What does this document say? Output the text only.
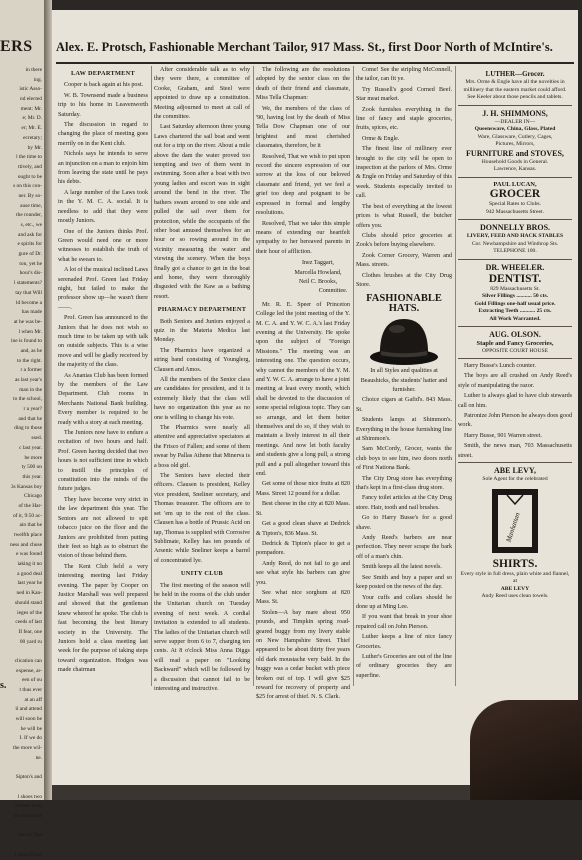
ERS
in there
ing.
istic Asso-
nd elected
ment: Mr.
e; Mr. D.
er; Mr. E.
ecretary;
by Mr.
l the time to
ttively, and
ought to be
s on this con-
ner. By so-
ause time,
the rounder,
s, etc., we
and ask for
e spirits for
gure of Dr.
ton, yet he
hour's dis-
l statements?
tay that Will
ld become a
has made
at he was be-
l when Mr.
ine is found to
and, as he
to the right.
r a former
as last year's
man in the
to the school,
r a year?
and that he
ding to those
ssed.
c last year.
be more
ty 500 on
this year.
3s Kansas boy
Chicago
of the Har-
of it, 9:50 ac-
ain that he
twelfth place
ness and chose
e was found
iaking it no
a good deal
last year he
ned in Kan-
should stand
ieges of the
ceeds of last
II fear, one
00 yard ru
clication can
expense, ar-
een of ou
t thus ever
at an aff
il and attend
will soon be
he will be
I. If we do
the more wil-
ne.
Sipton's and
l shoes two
slauses Zorn
on wholesale
one on fine
l shoes fixed
s.
Alex. E. Protsch, Fashionable Merchant Tailor, 917 Mass. St., first Door North of McIntire's.
LAW DEPARTMENT

Cooper is back again at his post.

W. B. Townsend made a business trip to his home in Leavenworth Saturday.

The discussion in regard to changing the place of meeting goes merrily on in the Kent club.

Nichols says he intends to serve an injunction on a man to enjoin him from leaving the state until he pays his debts.

A large number of the Laws took in the Y. M. C. A. social. It is needless to add that they were mostly Juniors.

One of the Juniors thinks Prof. Green would need one or more witnesses to establish the truth of what he swears to.

A lot of the musical inclined Laws serenaded Prof. Green last Friday night, but failed to make the professor show up—he wasn't there——.

Prof. Green has announced to the Juniors that he does not wish so much time to be taken up with talk on outside subjects. This is a wise move and will be gladly received by the majority of the class.

As Ananias Club has been formed by the members of the Law Department. Club rooms in Merchants National Bank building. Every member is required to be ready with a story at each meeting.

The Juniors now have to endure a recitation of two hours and half. Prof. Green having decided that two hours is not sufficient time in which to instill the principles of constitution into the minds of the future judges.

They have become very strict in the law department this year. The Seniors are not allowed to spit tobacco juice on the floor and the Juniors are prohibited from putting their feet so high as to obstruct the vision of those behind them.

The Kent Club held a very interesting meeting last Friday evening. The paper by Cooper on Justice Marshall was well prepared and showed that the gentleman knew whereof he spoke. The club is fast becoming the best literary society in the University. The Juniors hold a class meeting last week for the purpose of taking steps toward organization. Hodges was made chairman

After considerable talk as to why they were there, a committee of Cooke, Graham, and Steel were appointed to draw up a constitution. Meeting adjourned to meet at call of the committee.

Last Saturday afternoon three young Laws chartered the sail boat and went out for a trip on the river. About a mile above the dam the water proved too tempting and two of them went in swimming. Soon after a boat with two young ladies and escort was in sight around the bend in the river. The bathers swam around to one side and pulled the sail over them for protection, while the occupants of the other boat amused themselves for an hour or so rowing around in the vicinity measuring the water and viewing the scenery. When the boys finally got a chance to get in the boat and home, they were thoroughly disgusted with the Kaw as a bathing resort.

PHARMACY DEPARTMENT

Both Seniors and Juniors enjoyed a quiz in the Materia Medica last Monday.

The Pharmics have organized a string band consisting of Younglerg, Clausen and Amos.

All the members of the Senior class are candidates for president, and it is extremely likely that the class will have no organization this year as no one is willing to change his vote.

The Pharmics were nearly all attentive and appreciative spectators at the Frisco of Fallen; and some of them swear by Pallas Athene that Minerva is a boss old girl.

The Seniors have elected their officers. Clausen is president, Kelley vice president, Sneliner secretary, and Thomas treasurer. The officers are to set 'em up to the rest of the class. Clausen has a bottle of Prussic Acid on tap, Thomas is supplied with Corrosive Sublimate, Kelley has ten pounds of Arsenic while Sneliner keeps a barrel of concentrated lye.

UNITY CLUB

The first meeting of the season will be held in the rooms of the club under the Unitarian church on Tuesday evening of next week. A cordial invitation is extended to all students. The ladies of the Unitarian church will serve supper from 6 to 7, charging ten cents. At 8 o'clock Miss Anna Diggs will read a paper on "Looking Backward" which will be followed by a discussion that cannot fail to be interesting and instructive.

The following are the resolutions adopted by the senior class on the death of their friend and classmate, Miss Tella Chapman:

We, the members of the class of '90, having lost by the death of Miss Tella Dow Chapman one of our brightest and most cherished classmates, therefore, be it

Resolved, That we wish to put upon record the sincere expression of our sorrow at the loss of our beloved classmate and friend, yet we feel a grief too deep and poignant to be expressed in formal and lengthy resolutions.

Resolved, That we take this simple means of extending our heartfelt sympathy to her bereaved parents in their hour of affliction.

Inez Taggart,
Marcella Howland,
Neil C. Brooks,
Committee.

Mr. R. E. Speer of Princeton College led the joint meeting of the Y. M. C. A. and Y. W. C. A.'s last Friday evening at the University. He spoke upon the subject of "Foreign Missions." The meeting was an interesting one. The question occurs, why cannot the members of the Y. M. and Y. W. C. A. arrange to have a joint meeting at least every month, which shall be devoted to the discussion of some special religious topic. They can so arrange, and let them better themselves and do so, if they wish to maintain a lively interest in all their meetings. And now let both faculty and students give a long pull, a strong pull and a pull altogether toward this end.

Get some of those nice fruits at 820 Mass. Street 12 pound for a dollar.

Best cheese in the city at 820 Mass. St.

Get a good clean shave at Dedrick & Tipton's, 836 Mass. St.

Dedrick & Tipton's place to get a pompadore.

Andy Reed, do not fail to go and see what style his barbers can give you.

See what nice sorghum at 820 Mass. St.

Stolen—A bay mare about 950 pounds, and Timpkin spring road-geared buggy from my livery stable on New Hampshire Street. Thief appeared to be about thirty five years old dark moustache very bald. In the buggy was a cedar bucket with piece broken out of top. I will give $25 reward for recovery of property and $25 for arrest of thief. N. S. Clark.

Come! See the stripling McConnell, the tailor, can fit ye.

Try Russell's good Corned Beef. Star meat market.

Zook furnishes everything in the line of fancy and staple groceries, fruits, spices, etc.

Orme & Engle.

The finest line of millinery ever brought to the city will be open to inspection at the parlors of Mrs. Orme & Engle on Friday and Saturday of this week. Students especially invited to call.

The best of everything at the lowest prices is what Russell, the butcher offers you.

Clubs should price groceries at Zook's before buying elsewhere.

Zook Corner Grocery, Warren and Mass. streets.

Clothes brushes at the City Drug Store.

FASHIONABLE HATS.

In all Styles and qualities at Beaushicks, the students' hatter and furnisher.

Choice cigars at Gafid's. 843 Mass. St.

Students lamps at Shimmon's. Everything in the house furnishing line at Shimmon's.

Sam McCordy, Grocer, wants the club boys to see him, two doors north of First Nationa Bank.

The City Drug store has everything that's kept in a first-class drug store.

Fancy toilet articles at the City Drug store. Hair, tooth and nail brushes.

Go to Harry Busse's for a good shave.

Andy Reed's barbers are near perfection. They never scrape the bark off of a man's chin.

Smith keeps all the latest novels.

See Smith and buy a paper and so keep posted on the news of the day.

Your cuffs and collars should be done up at Ming Lee.

If you want that break in your shoe repaired call on John Pierson.

Luther keeps a line of nice fancy Groceries.

Luther's Groceries are out of the line of ordinary groceries they are superfine.

LUTHER—Grocer.
Mrs. Orme & Engle have all the novelties in millinery that the eastern market could afford.
See Keeler about those pencils and tablets.
J. H. SHIMMONS,
—DEALER IN—
Queensware, China, Glass, Plated
Ware, Glassware, Cutlery, Cages,
Pictures, Mirrors,
FURNITURE and STOVES,
Household Goods in General.
Lawrence, Kansas.
PAUL LUCAN,
GROCER
Special Rates to Clubs.
942 Massachusetts Street.
DONNELLY BROS.
LIVERY, FEED AND HACK STABLES
Cor. Newhampshire and Winthrop Sts.
TELEPHONE 100.
DR. WHEELER.
DENTIST.
829 Massachusetts St.
Silver Fillings ........... 50 cts.
Gold Fillings one-half usual price.
Extracting Teeth ........... 25 cts.
All Work Warranted.
AUG. OLSON.
Staple and Fancy Groceries,
OPPOSITE COURT HOUSE

Harry Busse's Lunch counter.

The boys are all crushed on Andy Reed's style of manipulating the razor.

Luther is always glad to have club stewards call on him.

Patronize John Pierson he always does good work.

Harry Busse, 901 Warren street.

Smith, the news man, 703 Massachusetts street.

ABE LEVY,
Sole Agent for the celebrated
Manhattan
SHIRTS.
Every style in full dress, plain white and flannel, at
ABE LEVY
Andy Reed uses clean towels.
